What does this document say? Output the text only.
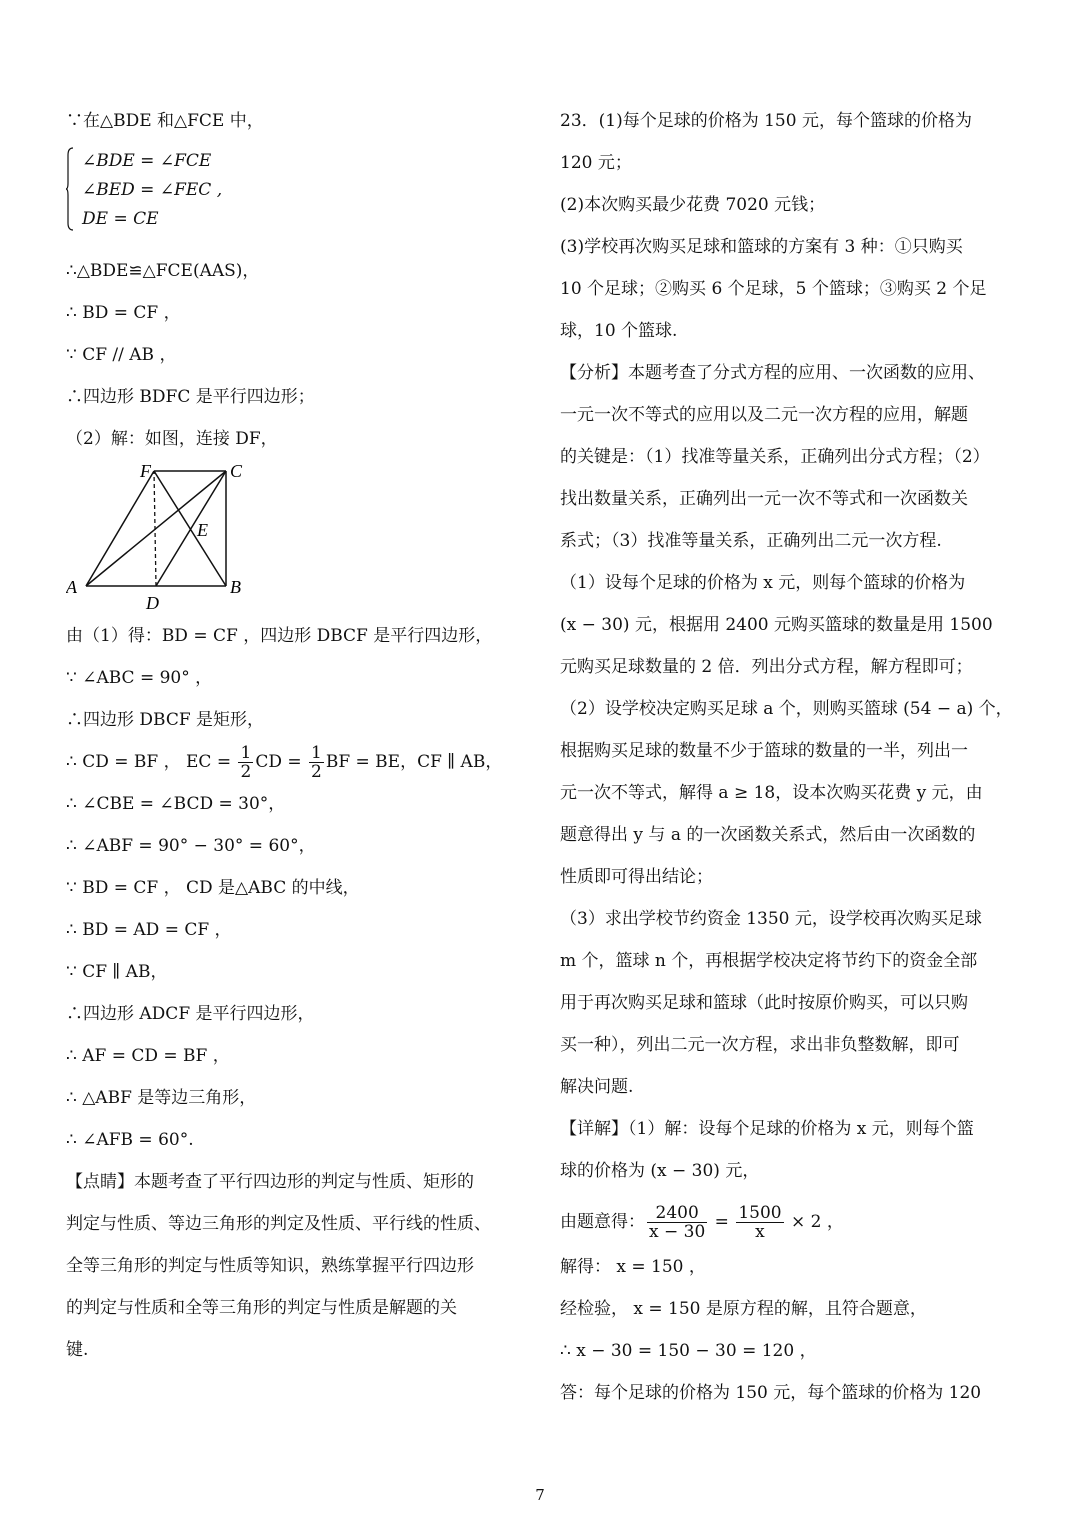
∵在△BDE 和△FCE 中，
∠BDE = ∠FCE
∠BED = ∠FEC ,
DE = CE
∴△BDE≌△FCE(AAS)，
∴ BD = CF ，
∵ CF // AB ，
∴四边形 BDFC 是平行四边形；
（2）解：如图，连接 DF，
F	C
E
A
D
B
由（1）得：BD = CF ，四边形 DBCF 是平行四边形，
∵ ∠ABC = 90° ，
∴四边形 DBCF 是矩形，
∴ CD = BF ， EC = $\frac{1}{2}$ CD = $\frac{1}{2}$ BF = BE，CF ∥ AB，
∴ ∠CBE = ∠BCD = 30°，
∴ ∠ABF = 90° − 30° = 60°，
∵ BD = CF ， CD 是△ABC 的中线，
∴ BD = AD = CF ，
∵ CF ∥ AB，
∴四边形 ADCF 是平行四边形，
∴ AF = CD = BF ，
∴ △ABF 是等边三角形，
∴ ∠AFB = 60°.
【点睛】本题考查了平行四边形的判定与性质、矩形的
判定与性质、等边三角形的判定及性质、平行线的性质、
全等三角形的判定与性质等知识，熟练掌握平行四边形
的判定与性质和全等三角形的判定与性质是解题的关
键.
23．(1)每个足球的价格为 150 元，每个篮球的价格为
120 元；
(2)本次购买最少花费 7020 元钱；
(3)学校再次购买足球和篮球的方案有 3 种：①只购买
10 个足球；②购买 6 个足球，5 个篮球；③购买 2 个足
球，10 个篮球.
【分析】本题考查了分式方程的应用、一次函数的应用、
一元一次不等式的应用以及二元一次方程的应用，解题
的关键是：（1）找准等量关系，正确列出分式方程；（2）
找出数量关系，正确列出一元一次不等式和一次函数关
系式；（3）找准等量关系，正确列出二元一次方程.
（1）设每个足球的价格为 x 元，则每个篮球的价格为
(x − 30) 元，根据用 2400 元购买篮球的数量是用 1500
元购买足球数量的 2 倍．列出分式方程，解方程即可；
（2）设学校决定购买足球 a 个，则购买篮球 (54 − a) 个，
根据购买足球的数量不少于篮球的数量的一半，列出一
元一次不等式，解得 a ≥ 18，设本次购买花费 y 元，由
题意得出 y 与 a 的一次函数关系式，然后由一次函数的
性质即可得出结论；
（3）求出学校节约资金 1350 元，设学校再次购买足球
m 个，篮球 n 个，再根据学校决定将节约下的资金全部
用于再次购买足球和篮球（此时按原价购买，可以只购
买一种），列出二元一次方程，求出非负整数解，即可
解决问题.
【详解】（1）解：设每个足球的价格为 x 元，则每个篮
球的价格为 (x − 30) 元，
由题意得： $\frac{2400}{x - 30} = \frac{1500}{x} \times 2$ ，
解得： x = 150 ，
经检验， x = 150 是原方程的解，且符合题意，
∴ x − 30 = 150 − 30 = 120 ，
答：每个足球的价格为 150 元，每个篮球的价格为 120
7
